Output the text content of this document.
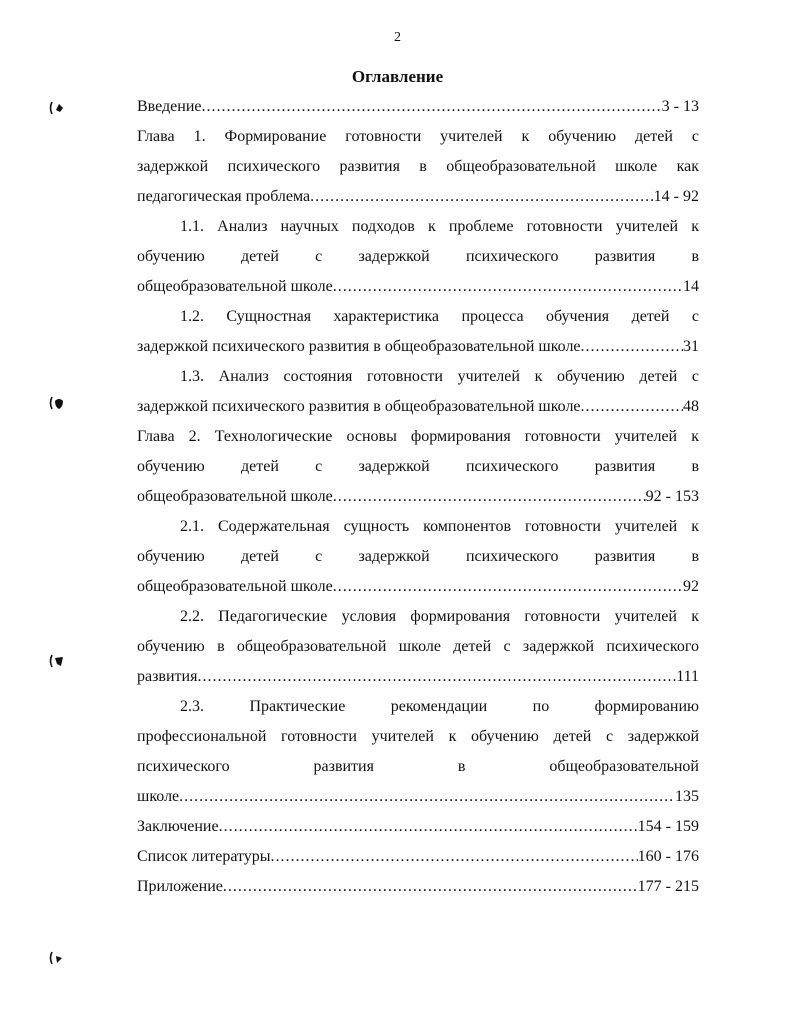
2
Оглавление
Введение .....	3 - 13
Глава 1. Формирование готовности учителей к обучению детей с
задержкой психического развития в общеобразовательной школе как
педагогическая проблема .....	14 - 92
1.1. Анализ научных подходов к проблеме готовности учителей к
обучению детей с задержкой психического развития в
общеобразовательной школе .....	14
1.2. Сущностная характеристика процесса обучения детей с
задержкой психического развития в общеобразовательной школе .....	31
1.3. Анализ состояния готовности учителей к обучению детей с
задержкой психического развития в общеобразовательной школе .....	48
Глава 2. Технологические основы формирования готовности учителей к
обучению детей с задержкой психического развития в
общеобразовательной школе .....	92 - 153
2.1. Содержательная сущность компонентов готовности учителей к
обучению детей с задержкой психического развития в
общеобразовательной школе .....	92
2.2. Педагогические условия формирования готовности учителей к
обучению в общеобразовательной школе детей с задержкой психического
развития .....	111
2.3. Практические рекомендации по формированию
профессиональной готовности учителей к обучению детей с задержкой
психического развития в общеобразовательной
школе .....	135
Заключение .....	154 - 159
Список литературы .....	160 - 176
Приложение .....	177 - 215
